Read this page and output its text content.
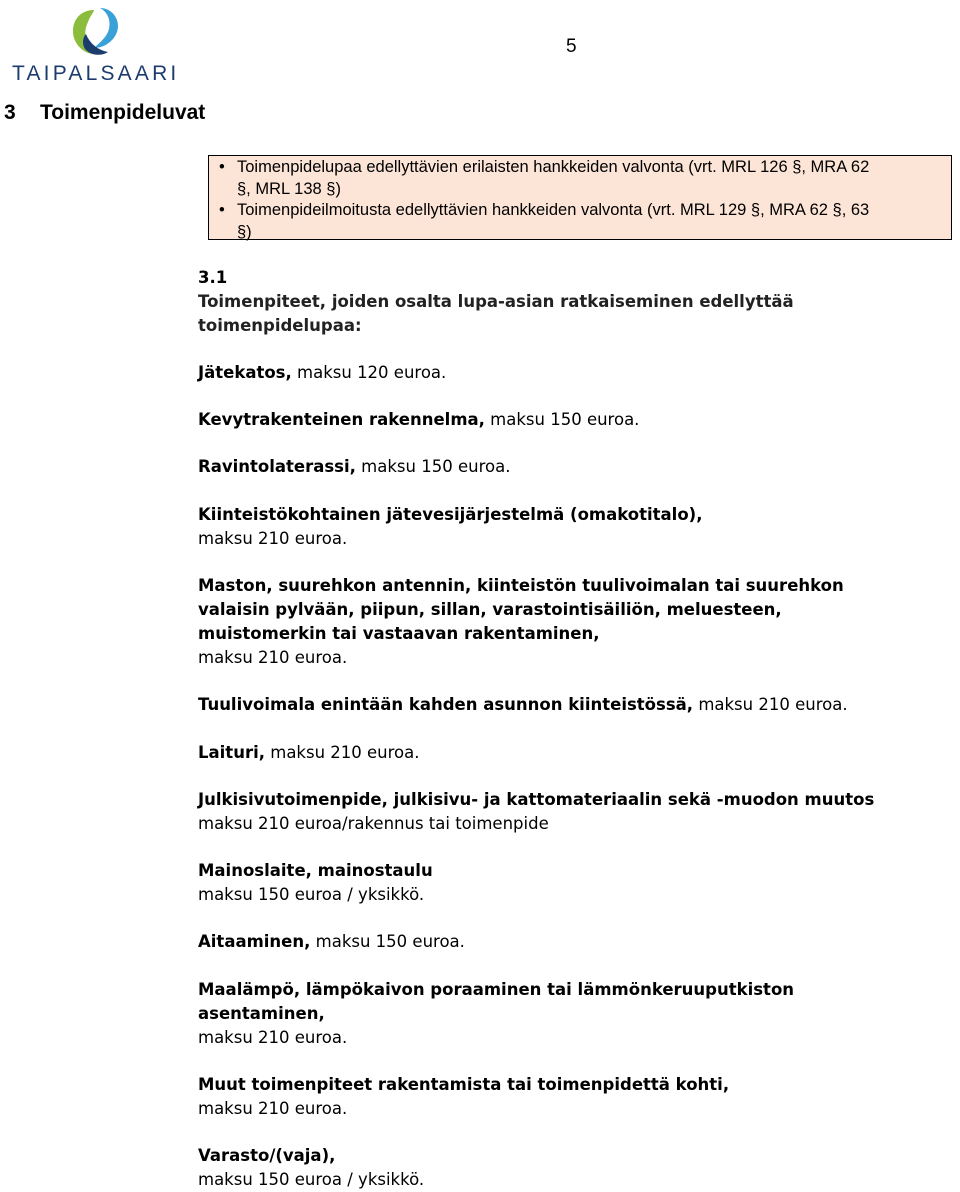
TAIPALSAARI
5
3 Toimenpideluvat
• Toimenpidelupaa edellyttävien erilaisten hankkeiden valvonta (vrt. MRL 126 §, MRA 62
§, MRL 138 §)
• Toimenpideilmoitusta edellyttävien hankkeiden valvonta (vrt. MRL 129 §, MRA 62 §, 63
§)
3.1
Toimenpiteet, joiden osalta lupa-asian ratkaiseminen edellyttää
toimenpidelupaa:
Jätekatos, maksu 120 euroa.
Kevytrakenteinen rakennelma, maksu 150 euroa.
Ravintolaterassi, maksu 150 euroa.
Kiinteistökohtainen jätevesijärjestelmä (omakotitalo),
maksu 210 euroa.
Maston, suurehkon antennin, kiinteistön tuulivoimalan tai suurehkon
valaisin pylvään, piipun, sillan, varastointisäiliön, meluesteen,
muistomerkin tai vastaavan rakentaminen,
maksu 210 euroa.
Tuulivoimala enintään kahden asunnon kiinteistössä, maksu 210 euroa.
Laituri, maksu 210 euroa.
Julkisivutoimenpide, julkisivu- ja kattomateriaalin sekä -muodon muutos
maksu 210 euroa/rakennus tai toimenpide
Mainoslaite, mainostaulu
maksu 150 euroa / yksikkö.
Aitaaminen, maksu 150 euroa.
Maalämpö, lämpökaivon poraaminen tai lämmönkeruuputkiston
asentaminen,
maksu 210 euroa.
Muut toimenpiteet rakentamista tai toimenpidettä kohti,
maksu 210 euroa.
Varasto/(vaja),
maksu 150 euroa / yksikkö.
